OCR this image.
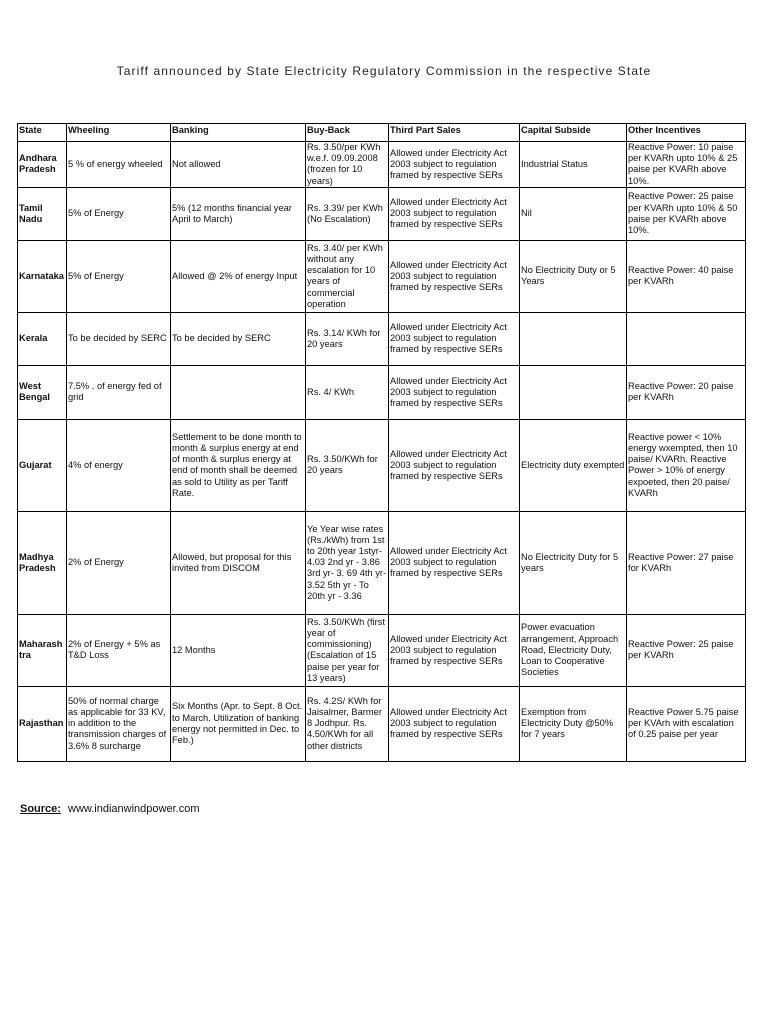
Tariff announced by State Electricity Regulatory Commission in the respective State
State	Wheeling	Banking	Buy-Back	Third Part Sales	Capital Subside	Other Incentives
Andhara Pradesh	5 % of energy wheeled	Not allowed	Rs. 3.50/per KWh w.e.f. 09.09.2008 (frozen for 10 years)	Allowed under Electricity Act 2003 subject to regulation framed by respective SERs	Industrial Status	Reactive Power: 10 paise per KVARh upto 10% & 25 paise per KVARh above 10%.
Tamil Nadu	5% of Energy	5% (12 months financial year April to March)	Rs. 3.39/ per KWh (No Escalation)	Allowed under Electricity Act 2003 subject to regulation framed by respective SERs	Nil	Reactive Power: 25 paise per KVARh upto 10% & 50 paise per KVARh above 10%.
Karnataka	5% of Energy	Allowed @ 2% of energy Input	Rs. 3.40/ per KWh without any escalation for 10 years of commercial operation	Allowed under Electricity Act 2003 subject to regulation framed by respective SERs	No Electricity Duty or 5 Years	Reactive Power: 40 paise per KVARh
Kerala	To be decided by SERC	To be decided by SERC	Rs. 3.14/ KWh for 20 years	Allowed under Electricity Act 2003 subject to regulation framed by respective SERs		
West Bengal	7.5% . of energy fed of grid		Rs. 4/ KWh	Allowed under Electricity Act 2003 subject to regulation framed by respective SERs		Reactive Power: 20 paise per KVARh
Gujarat	4% of energy	Settlement to be done month to month & surplus energy at end of month & surplus energy at end of month shall be deemed as sold to Utility as per Tariff Rate.	Rs. 3.50/KWh for 20 years	Allowed under Electricity Act 2003 subject to regulation framed by respective SERs	Electricity duty exempted	Reactive power < 10% energy wxempted, then 10 paise/ KVARh. Reactive Power > 10% of energy expoeted, then 20 paise/ KVARh
Madhya Pradesh	2% of Energy	Allowed, but proposal for this invited from DISCOM	Ye Year wise rates (Rs./kWh) from 1st to 20th year 1styr- 4.03 2nd yr - 3.86 3rd yr- 3. 69 4th yr- 3.52 5th yr - To 20th yr - 3.36	Allowed under Electricity Act 2003 subject to regulation framed by respective SERs	No Electricity Duty for 5 years	Reactive Power: 27 paise for KVARh
Maharashtra	2% of Energy + 5% as T&D Loss	12 Months	Rs. 3.50/KWh (first year of commissioning) (Escalation of 15 paise per year for 13 years)	Allowed under Electricity Act 2003 subject to regulation framed by respective SERs	Power evacuation arrangement, Approach Road, Electricity Duty, Loan to Cooperative Societies	Reactive Power: 25 paise per KVARh
Rajasthan	50% of normal charge as applicable for 33 KV, in addition to the transmission charges of 3.6% 8 surcharge	Six Months (Apr. to Sept. 8 Oct. to March. Utilization of banking energy not permitted in Dec. to Feb.)	Rs. 4.2S/ KWh for Jaisalmer, Barmer 8 Jodhpur. Rs. 4.50/KWh for all other districts	Allowed under Electricity Act 2003 subject to regulation framed by respective SERs	Exemption from Electricity Duty @50% for 7 years	Reactive Power 5.75 paise per KVArh with escalation of 0.25 paise per year
Source: www.indianwindpower.com
